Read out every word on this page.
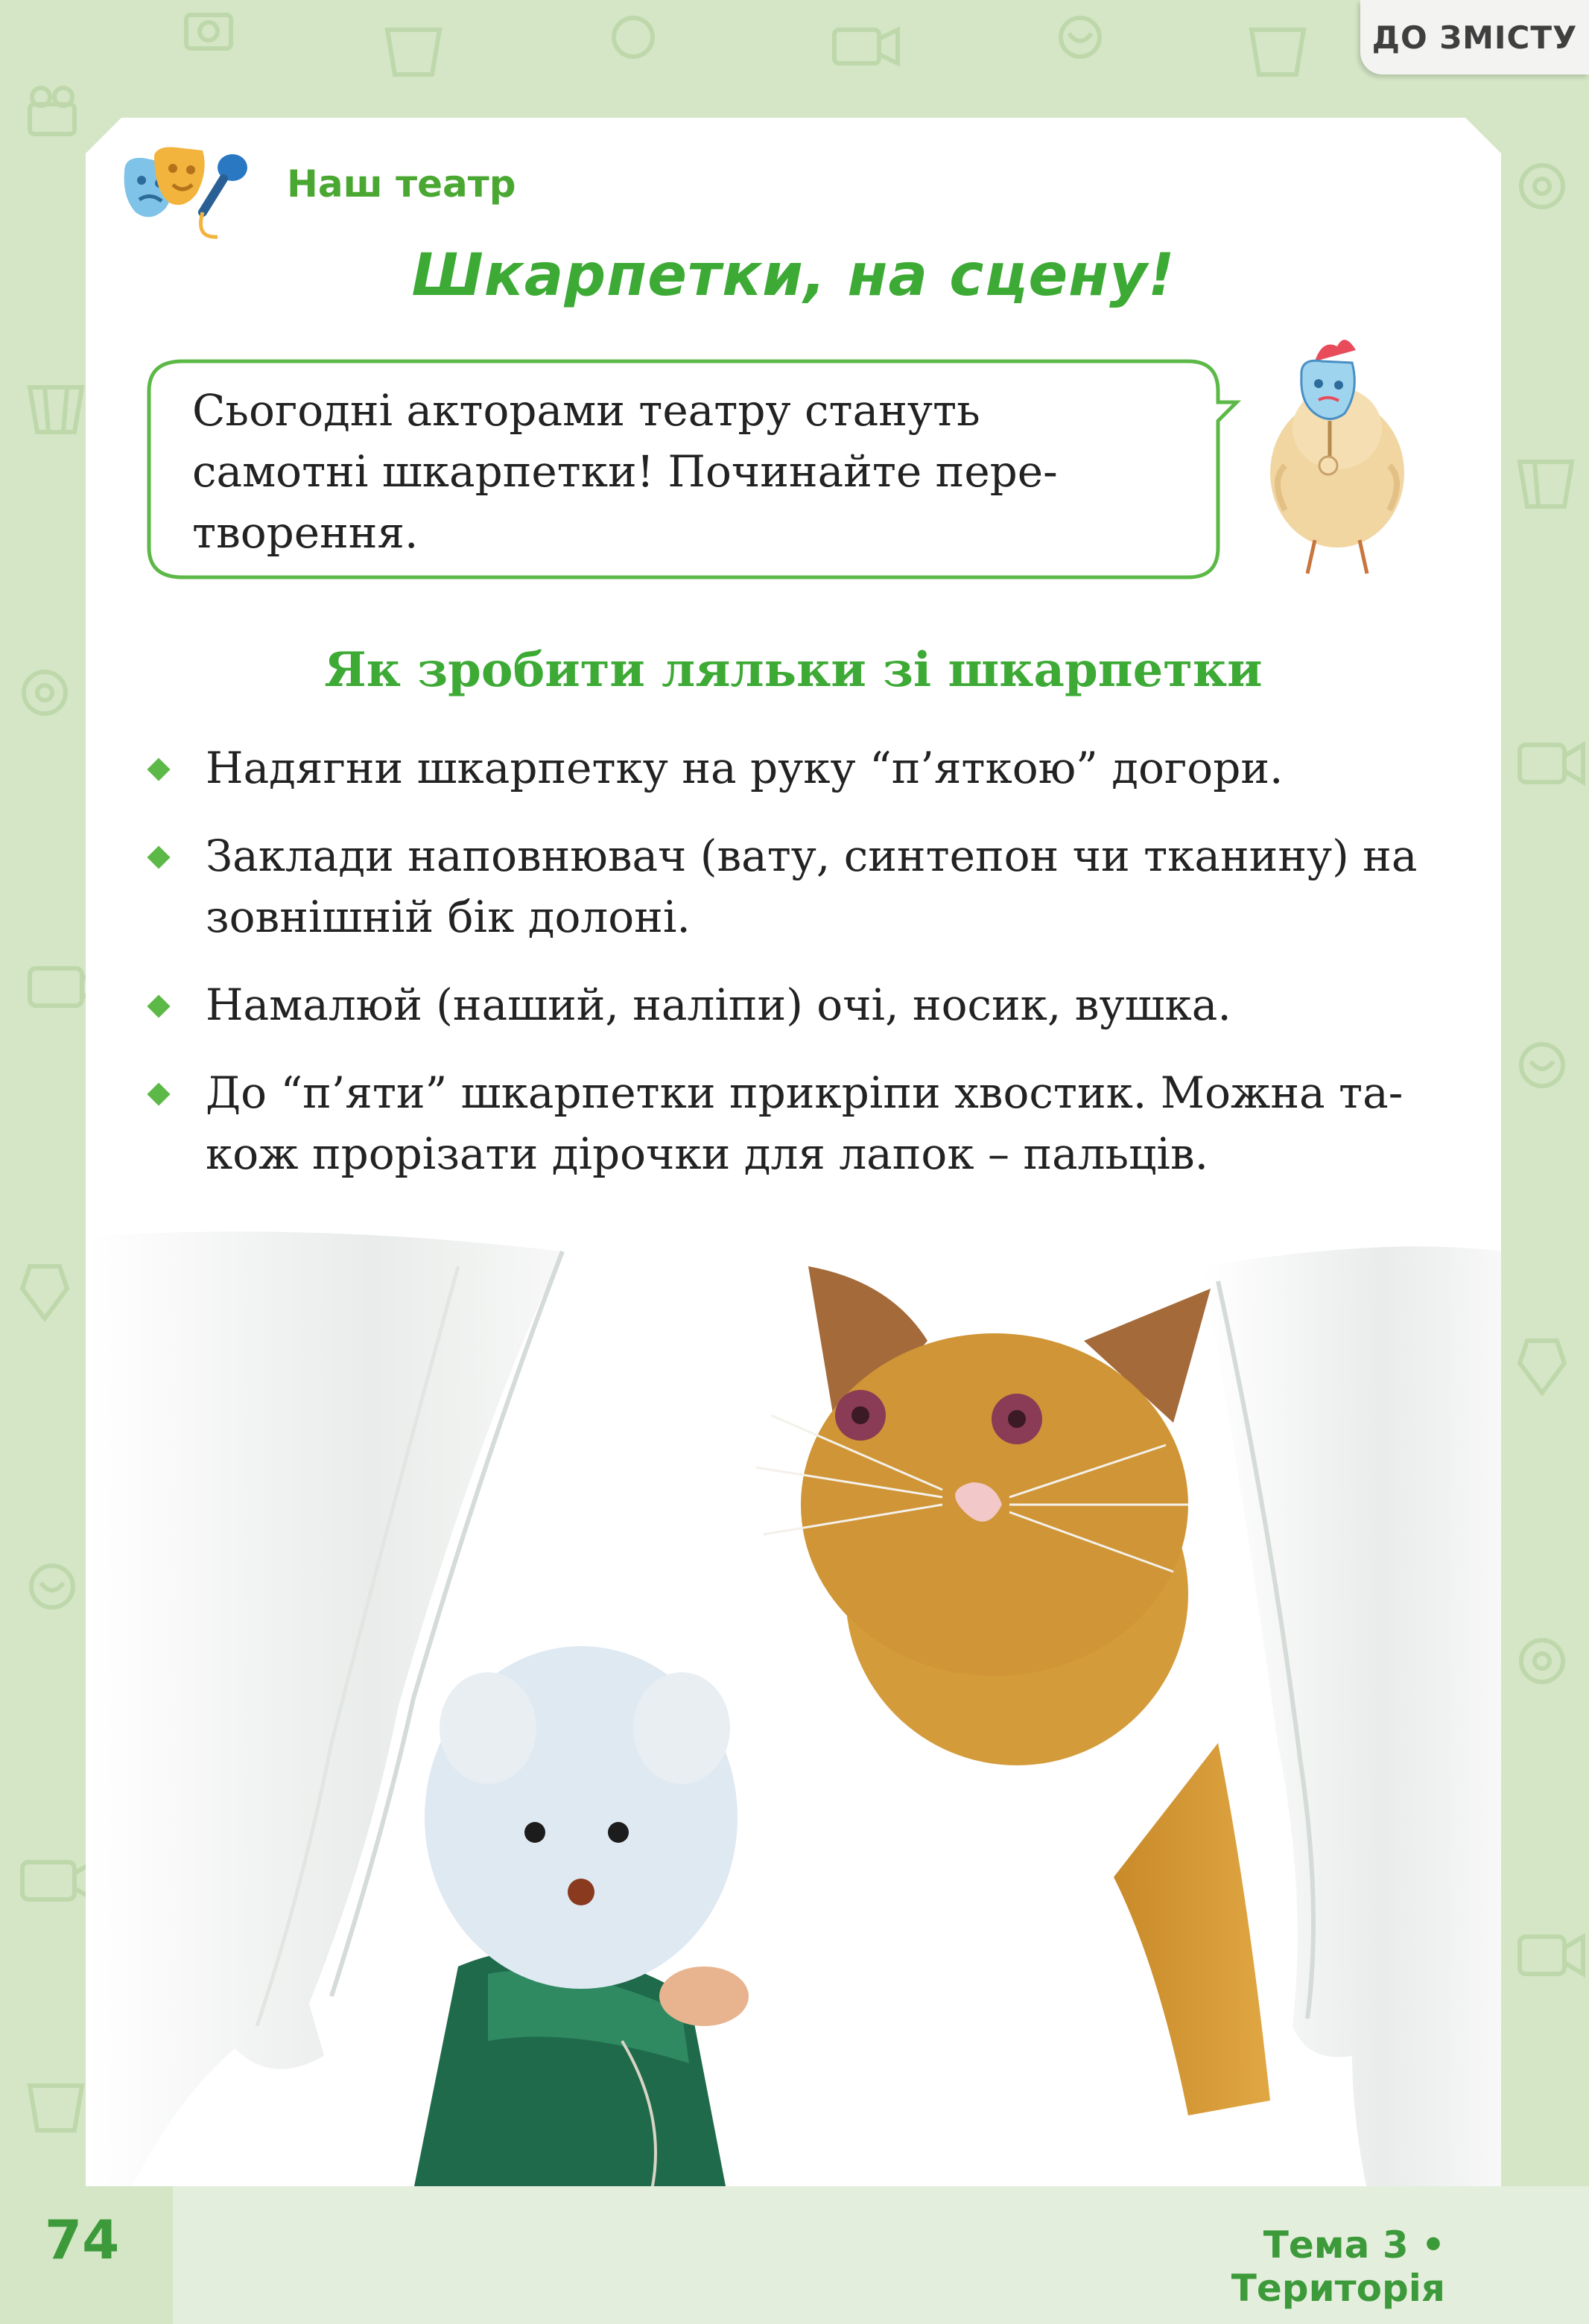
ДО ЗМІСТУ
Наш театр
Шкарпетки, на сцену!
Сьогодні акторами театру стануть
самотні шкарпетки! Починайте пере-
творення.
Як зробити ляльки зі шкарпетки
Надягни шкарпетку на руку “п’яткою” догори.
Заклади наповнювач (вату, синтепон чи тканину) на
зовнішній бік долоні.
Намалюй (наший, наліпи) очі, носик, вушка.
До “п’яти” шкарпетки прикріпи хвостик. Можна та-
кож прорізати дірочки для лапок – пальців.
74	Тема 3 • Територія
